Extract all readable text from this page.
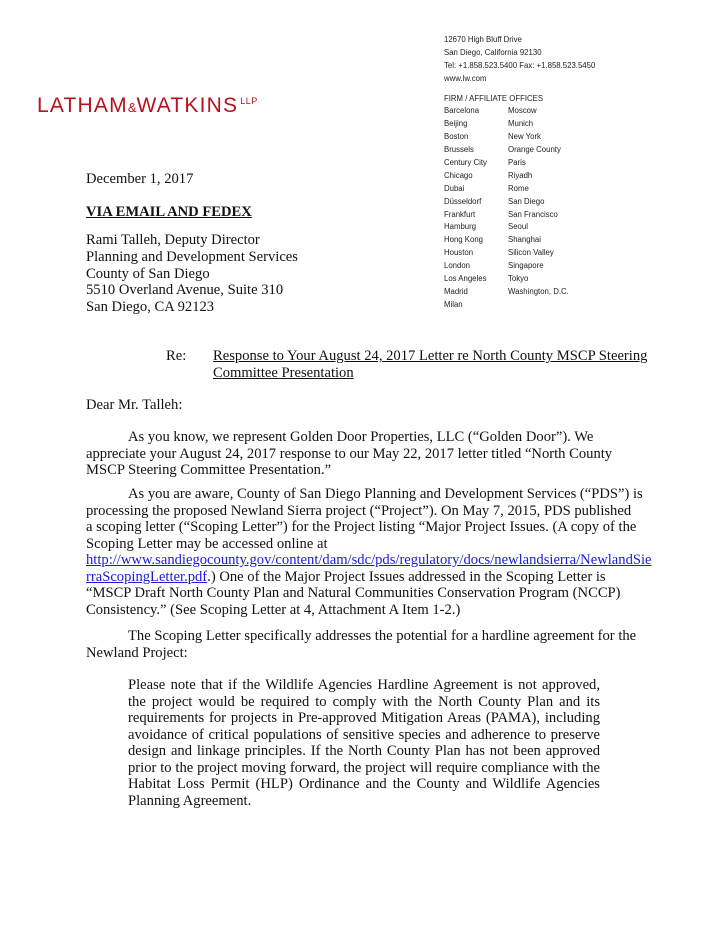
LATHAM&WATKINS $^{LLP}$
12670 High Bluff Drive
San Diego, California 92130
Tel: +1.858.523.5400 Fax: +1.858.523.5450
www.lw.com
FIRM / AFFILIATE OFFICES
Barcelona	Moscow
Beijing	Munich
Boston	New York
Brussels	Orange County
Century City	Paris
Chicago	Riyadh
Dubai	Rome
Düsseldorf	San Diego
Frankfurt	San Francisco
Hamburg	Seoul
Hong Kong	Shanghai
Houston	Silicon Valley
London	Singapore
Los Angeles	Tokyo
Madrid	Washington, D.C.
Milan
December 1, 2017
VIA EMAIL AND FEDEX
Rami Talleh, Deputy Director
Planning and Development Services
County of San Diego
5510 Overland Avenue, Suite 310
San Diego, CA 92123
Re: Response to Your August 24, 2017 Letter re North County MSCP Steering Committee Presentation
Dear Mr. Talleh:
As you know, we represent Golden Door Properties, LLC (“Golden Door”). We
appreciate your August 24, 2017 response to our May 22, 2017 letter titled “North County MSCP Steering Committee Presentation.”
As you are aware, County of San Diego Planning and Development Services (“PDS”) is
processing the proposed Newland Sierra project (“Project”). On May 7, 2015, PDS published a scoping letter (“Scoping Letter”) for the Project listing “Major Project Issues. (A copy of the Scoping Letter may be accessed online at
http://www.sandiegocounty.gov/content/dam/sdc/pds/regulatory/docs/newlandsierra/NewlandSie
rraScopingLetter.pdf.) One of the Major Project Issues addressed in the Scoping Letter is “MSCP Draft North County Plan and Natural Communities Conservation Program (NCCP) Consistency.” (See Scoping Letter at 4, Attachment A Item 1-2.)
The Scoping Letter specifically addresses the potential for a hardline agreement for the
Newland Project:
Please note that if the Wildlife Agencies Hardline Agreement is not approved, the project would be required to comply with the North County Plan and its requirements for projects in Pre-approved Mitigation Areas (PAMA), including avoidance of critical populations of sensitive species and adherence to preserve design and linkage principles. If the North County Plan has not been approved prior to the project moving forward, the project will require compliance with the Habitat Loss Permit (HLP) Ordinance and the County and Wildlife Agencies Planning Agreement.
